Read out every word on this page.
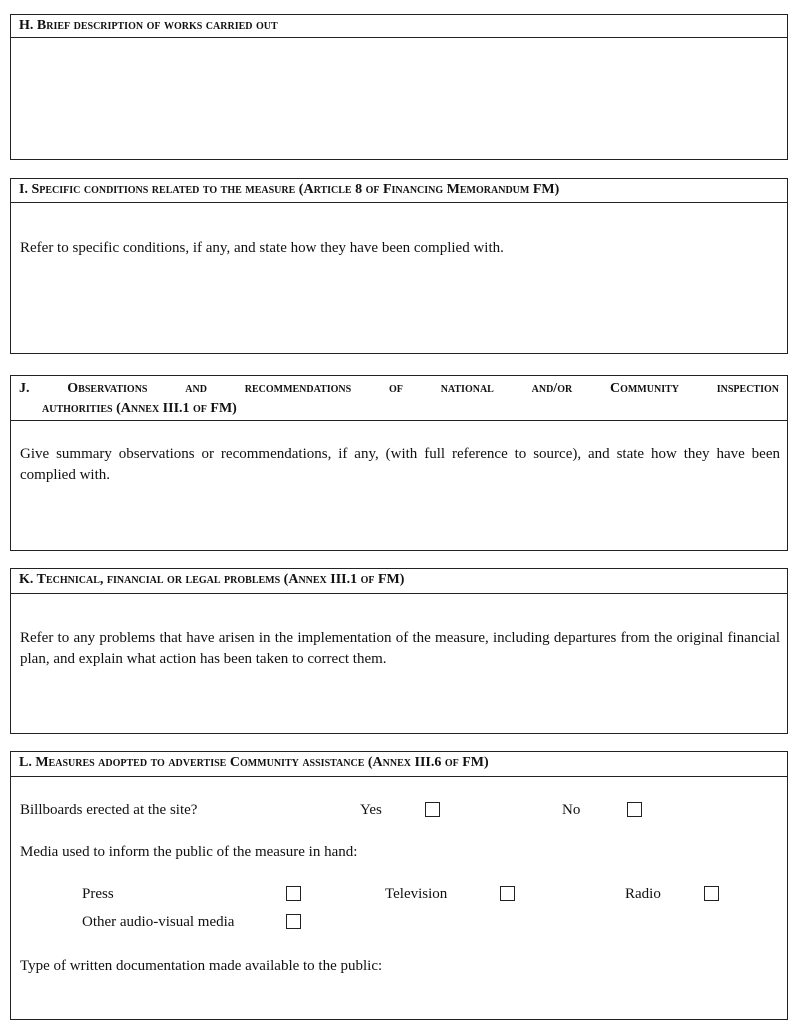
H. Brief description of works carried out
I. Specific conditions related to the measure (Article 8 of Financing Memorandum FM)
Refer to specific conditions, if any, and state how they have been complied with.
J. Observations and recommendations of national and/or Community inspection
authorities (Annex III.1 of FM)
Give summary observations or recommendations, if any, (with full reference to source), and state how they have been complied with.
K. Technical, financial or legal problems (Annex III.1 of FM)
Refer to any problems that have arisen in the implementation of the measure, including departures from the original financial plan, and explain what action has been taken to correct them.
L. Measures adopted to advertise Community assistance (Annex III.6 of FM)
Billboards erected at the site?	Yes	No
Media used to inform the public of the measure in hand:
Press	Television	Radio
Other audio-visual media
Type of written documentation made available to the public:
